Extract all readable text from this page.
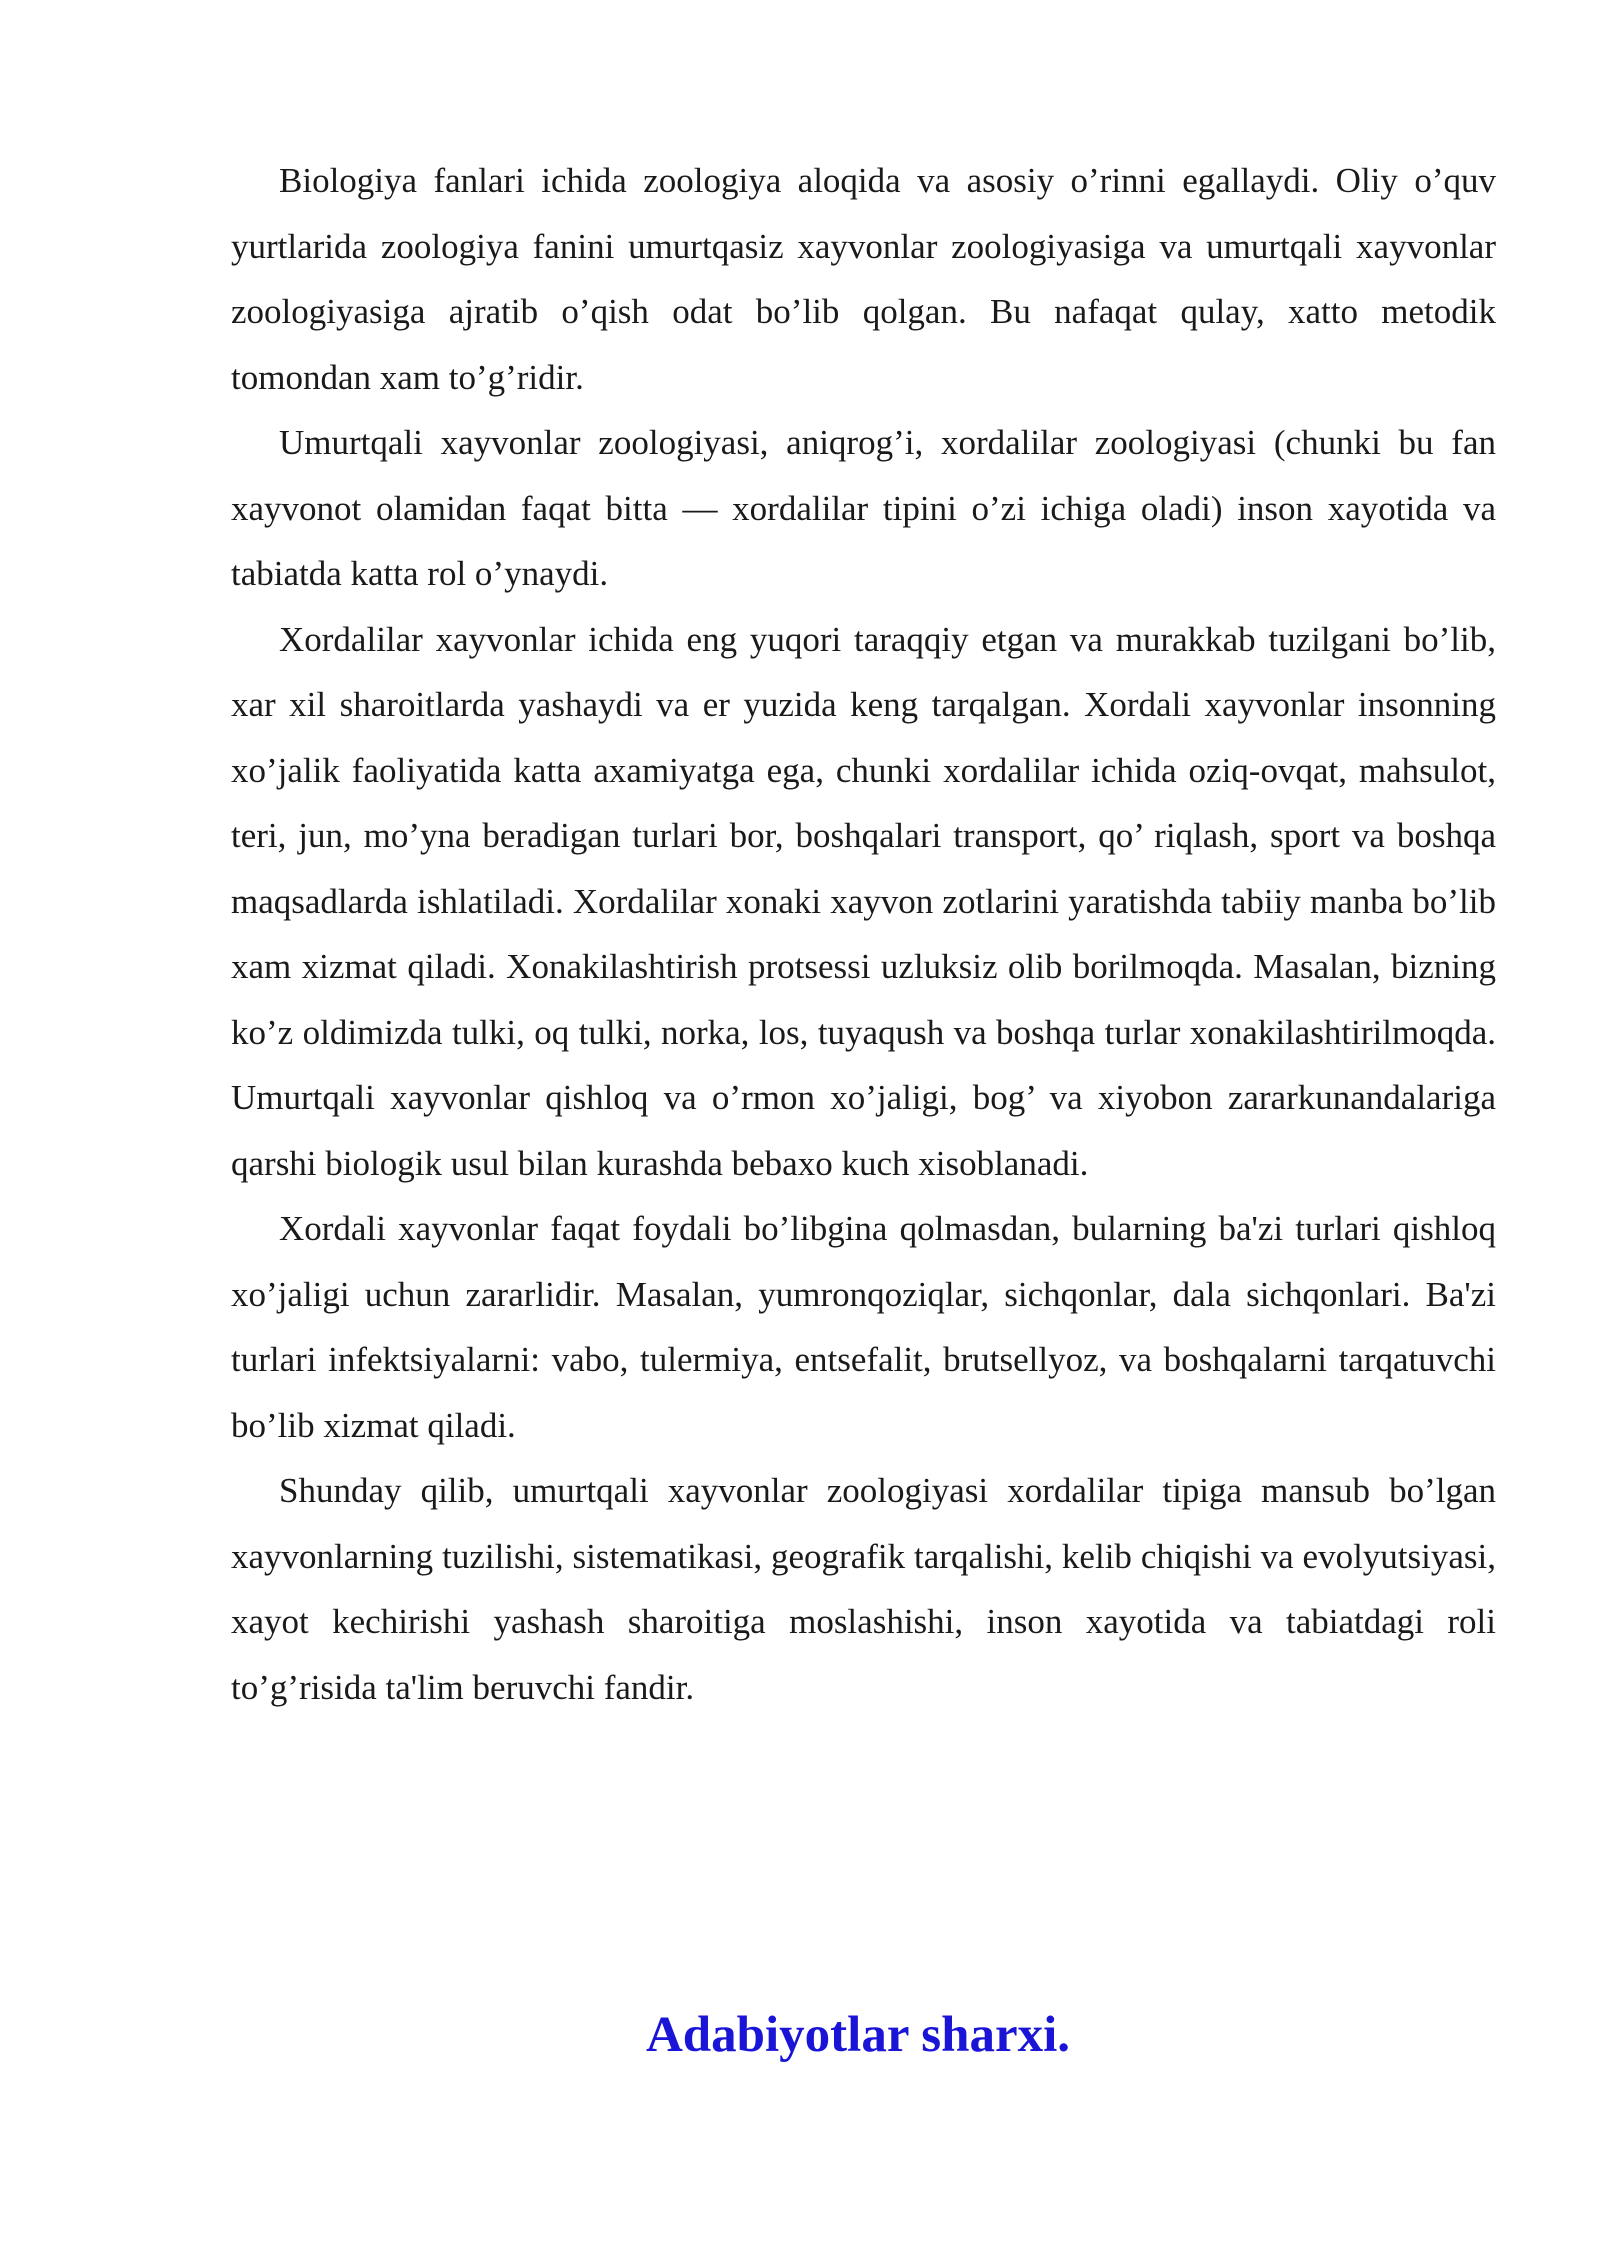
Biologiya fanlari ichida zoologiya aloqida va asosiy o’rinni egallaydi. Oliy o’quv yurtlarida zoologiya fanini umurtqasiz xayvonlar zoologiyasiga va umurtqali xayvonlar zoologiyasiga ajratib o’qish odat bo’lib qolgan. Bu nafaqat qulay, xatto metodik tomondan xam to’g’ridir.

Umurtqali xayvonlar zoologiyasi, aniqrog’i, xordalilar zoologiyasi (chunki bu fan xayvonot olamidan faqat bitta — xordalilar tipini o’zi ichiga oladi) inson xayotida va tabiatda katta rol o’ynaydi.

Xordalilar xayvonlar ichida eng yuqori taraqqiy etgan va murakkab tuzilgani bo’lib, xar xil sharoitlarda yashaydi va er yuzida keng tarqalgan. Xordali xayvonlar insonning xo’jalik faoliyatida katta axamiyatga ega, chunki xordalilar ichida oziq-ovqat, mahsulot, teri, jun, mo’yna beradigan turlari bor, boshqalari transport, qo’ riqlash, sport va boshqa maqsadlarda ishlatiladi. Xordalilar xonaki xayvon zotlarini yaratishda tabiiy manba bo’lib xam xizmat qiladi. Xonakilashtirish protsessi uzluksiz olib borilmoqda. Masalan, bizning ko’z oldimizda tulki, oq tulki, norka, los, tuyaqush va boshqa turlar xonakilashtirilmoqda. Umurtqali xayvonlar qishloq va o’rmon xo’jaligi, bog’ va xiyobon zararkunandalariga qarshi biologik usul bilan kurashda bebaxo kuch xisoblanadi.

Xordali xayvonlar faqat foydali bo’libgina qolmasdan, bularning ba'zi turlari qishloq xo’jaligi uchun zararlidir. Masalan, yumronqoziqlar, sichqonlar, dala sichqonlari. Ba'zi turlari infektsiyalarni: vabo, tulermiya, entsefalit, brutsellyoz, va boshqalarni tarqatuvchi bo’lib xizmat qiladi.

Shunday qilib, umurtqali xayvonlar zoologiyasi xordalilar tipiga mansub bo’lgan xayvonlarning tuzilishi, sistematikasi, geografik tarqalishi, kelib chiqishi va evolyutsiyasi, xayot kechirishi yashash sharoitiga moslashishi, inson xayotida va tabiatdagi roli to’g’risida ta'lim beruvchi fandir.

Adabiyotlar sharxi.
